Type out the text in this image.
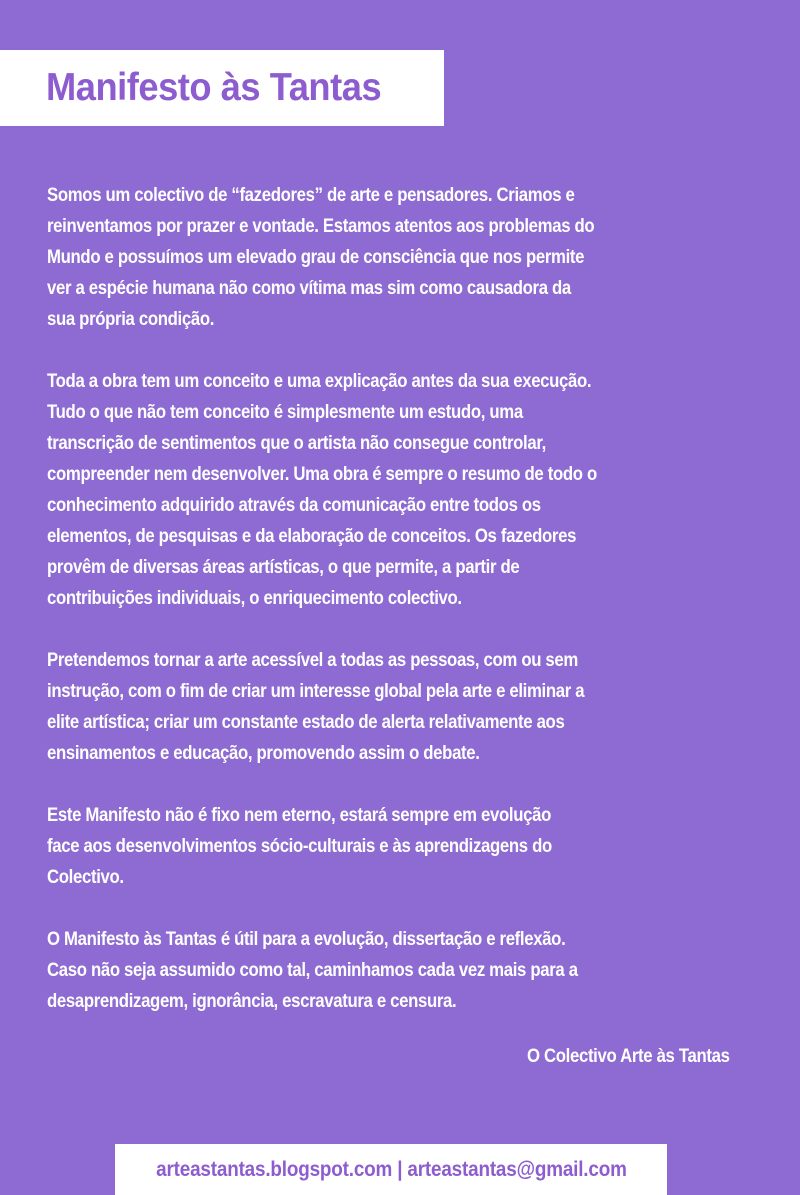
Manifesto às Tantas
Somos um colectivo de “fazedores” de arte e pensadores. Criamos e
reinventamos por prazer e vontade. Estamos atentos aos problemas do
Mundo e possuímos um elevado grau de consciência que nos permite
ver a espécie humana não como vítima mas sim como causadora da
sua própria condição.
Toda a obra tem um conceito e uma explicação antes da sua execução.
Tudo o que não tem conceito é simplesmente um estudo, uma
transcrição de sentimentos que o artista não consegue controlar,
compreender nem desenvolver. Uma obra é sempre o resumo de todo o
conhecimento adquirido através da comunicação entre todos os
elementos, de pesquisas e da elaboração de conceitos. Os fazedores
provêm de diversas áreas artísticas, o que permite, a partir de
contribuições individuais, o enriquecimento colectivo.
Pretendemos tornar a arte acessível a todas as pessoas, com ou sem
instrução, com o fim de criar um interesse global pela arte e eliminar a
elite artística; criar um constante estado de alerta relativamente aos
ensinamentos e educação, promovendo assim o debate.
Este Manifesto não é fixo nem eterno, estará sempre em evolução
face aos desenvolvimentos sócio-culturais e às aprendizagens do
Colectivo.
O Manifesto às Tantas é útil para a evolução, dissertação e reflexão.
Caso não seja assumido como tal, caminhamos cada vez mais para a
desaprendizagem, ignorância, escravatura e censura.
O Colectivo Arte às Tantas
arteastantas.blogspot.com | arteastantas@gmail.com
